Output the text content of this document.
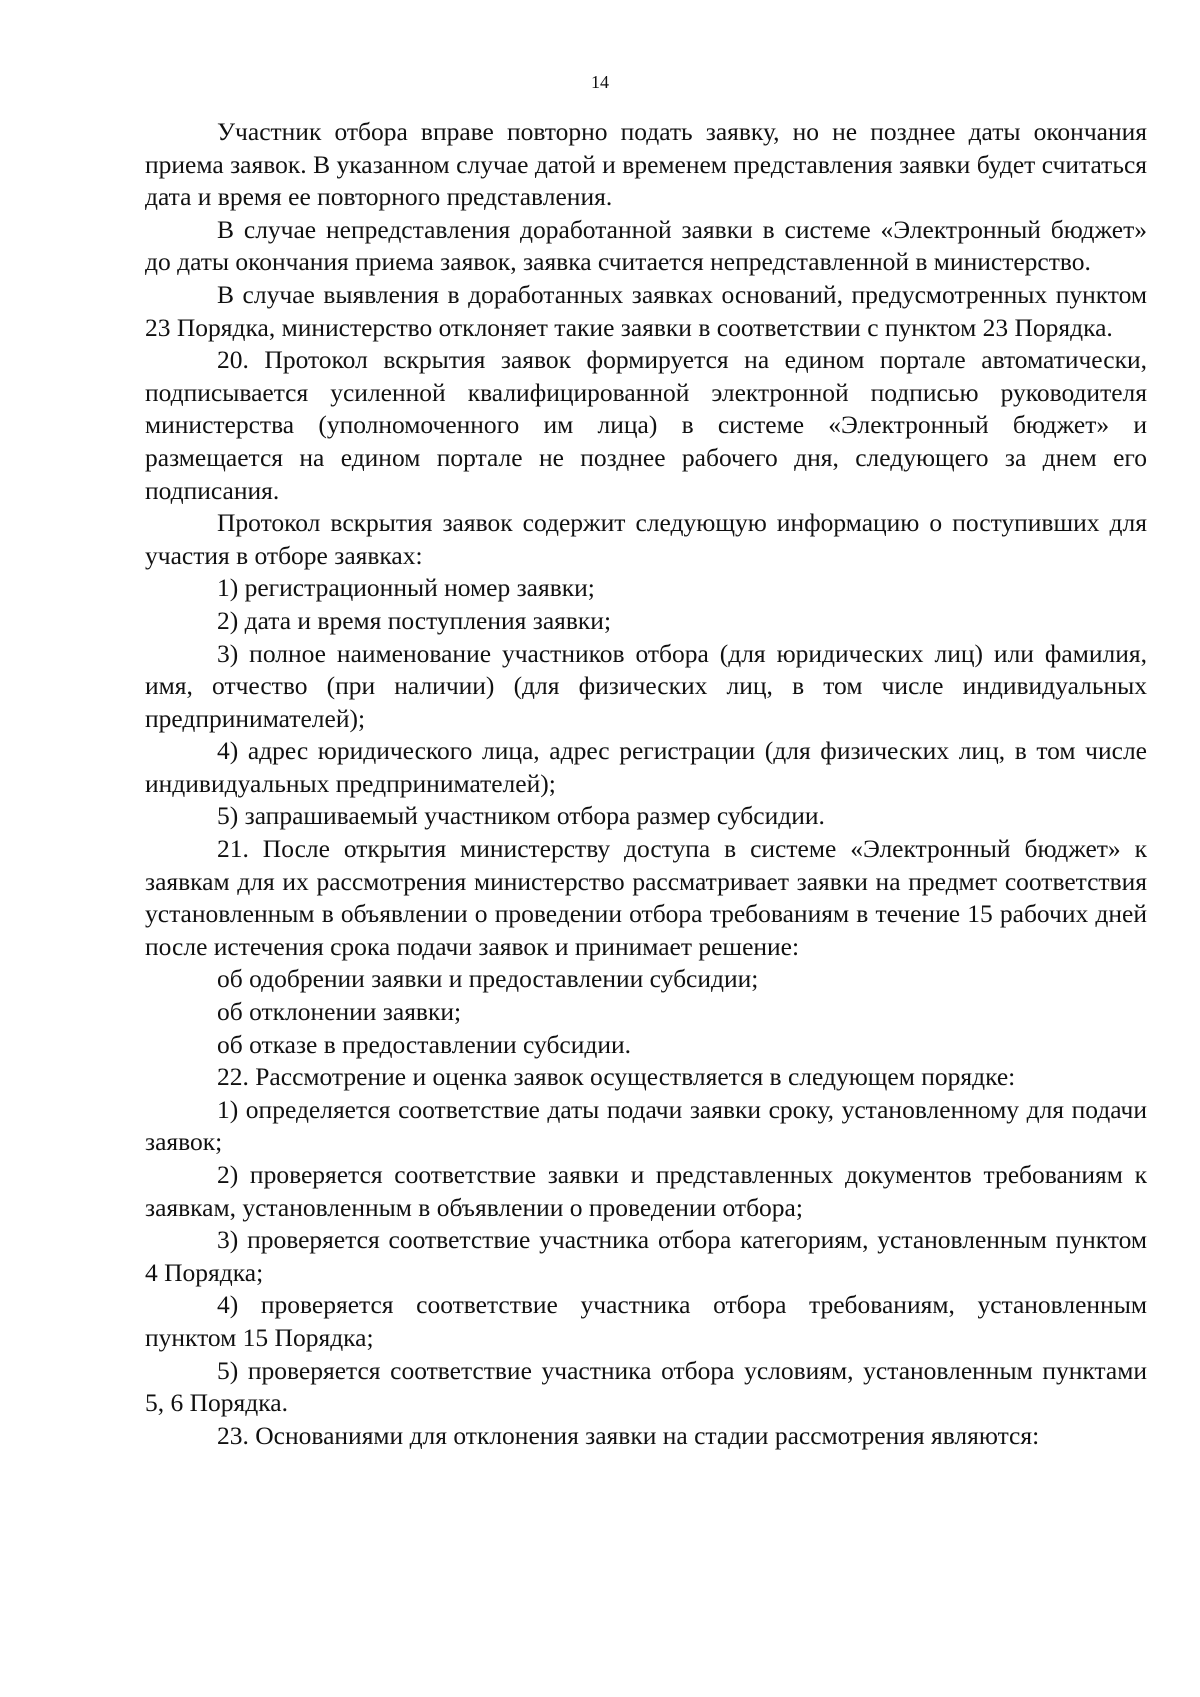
14

Участник отбора вправе повторно подать заявку, но не позднее даты окончания приема заявок. В указанном случае датой и временем представления заявки будет считаться дата и время ее повторного представления.

В случае непредставления доработанной заявки в системе «Электронный бюджет» до даты окончания приема заявок, заявка считается непредставленной в министерство.

В случае выявления в доработанных заявках оснований, предусмотренных пунктом 23 Порядка, министерство отклоняет такие заявки в соответствии с пунктом 23 Порядка.

20. Протокол вскрытия заявок формируется на едином портале автоматически, подписывается усиленной квалифицированной электронной подписью руководителя министерства (уполномоченного им лица) в системе «Электронный бюджет» и размещается на едином портале не позднее рабочего дня, следующего за днем его подписания.

Протокол вскрытия заявок содержит следующую информацию о поступивших для участия в отборе заявках:

1) регистрационный номер заявки;

2) дата и время поступления заявки;

3) полное наименование участников отбора (для юридических лиц) или фамилия, имя, отчество (при наличии) (для физических лиц, в том числе индивидуальных предпринимателей);

4) адрес юридического лица, адрес регистрации (для физических лиц, в том числе индивидуальных предпринимателей);

5) запрашиваемый участником отбора размер субсидии.

21. После открытия министерству доступа в системе «Электронный бюджет» к заявкам для их рассмотрения министерство рассматривает заявки на предмет соответствия установленным в объявлении о проведении отбора требованиям в течение 15 рабочих дней после истечения срока подачи заявок и принимает решение:

об одобрении заявки и предоставлении субсидии;

об отклонении заявки;

об отказе в предоставлении субсидии.

22. Рассмотрение и оценка заявок осуществляется в следующем порядке:

1) определяется соответствие даты подачи заявки сроку, установленному для подачи заявок;

2) проверяется соответствие заявки и представленных документов требованиям к заявкам, установленным в объявлении о проведении отбора;

3) проверяется соответствие участника отбора категориям, установленным пунктом 4 Порядка;

4) проверяется соответствие участника отбора требованиям, установленным пунктом 15 Порядка;

5) проверяется соответствие участника отбора условиям, установленным пунктами 5, 6 Порядка.

23. Основаниями для отклонения заявки на стадии рассмотрения являются:
